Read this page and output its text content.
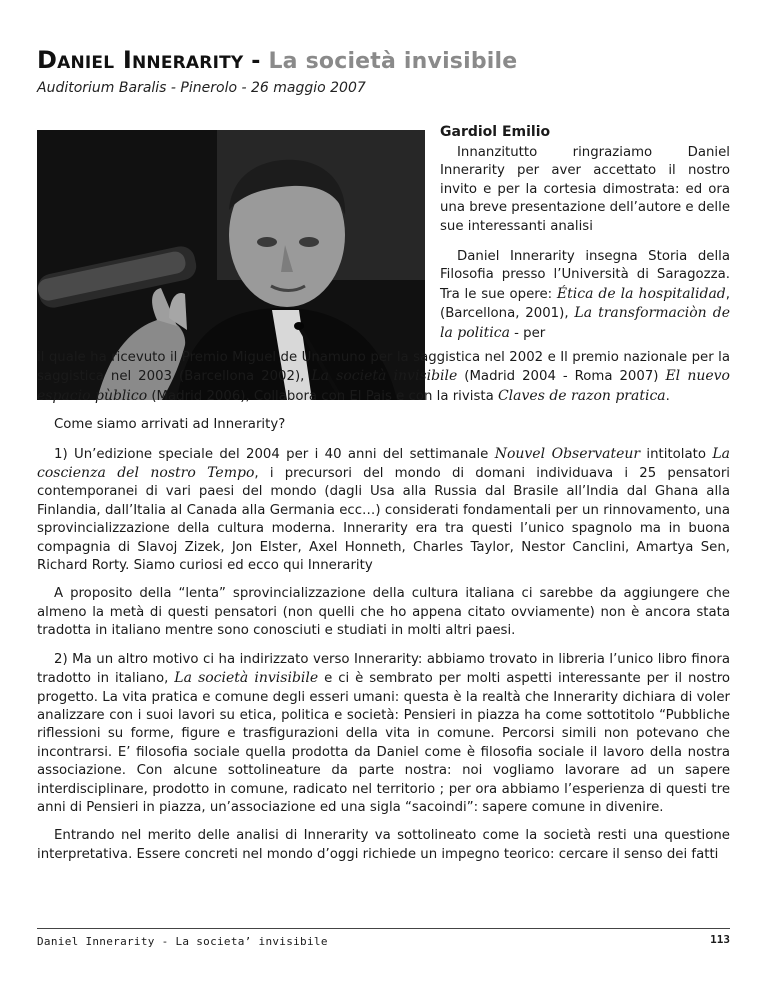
Daniel Innerarity - La società invisibile
Auditorium Baralis - Pinerolo - 26 maggio 2007
Gardiol Emilio

Innanzitutto ringraziamo Daniel Innerarity per aver accettato il nostro invito e per la cortesia dimostrata: ed ora una breve presentazione dell’autore e delle sue interessanti analisi

Daniel Innerarity insegna Storia della Filosofia presso l’Università di Saragozza. Tra le sue opere: Ética de la hospitalidad, (Barcellona, 2001), La transformaciòn de la politica - per

il quale ha ricevuto il Premio Miguel de Unamuno per la saggistica nel 2002 e Il premio nazionale per la saggistica nel 2003 (Barcellona 2002), La società invisibile (Madrid 2004 - Roma 2007) El nuevo espacio pùblico (Madrid 2006), Collabora con El Pais e con la rivista Claves de razon pratica.

Come siamo arrivati ad Innerarity?

1) Un’edizione speciale del 2004 per i 40 anni del settimanale Nouvel Observateur intitolato La coscienza del nostro Tempo, i precursori del mondo di domani individuava i 25 pensatori contemporanei di vari paesi del mondo (dagli Usa alla Russia dal Brasile all’India dal Ghana alla Finlandia, dall’Italia al Canada alla Germania ecc…) considerati fondamentali per un rinnovamento, una sprovincializzazione della cultura moderna. Innerarity era tra questi l’unico spagnolo ma in buona compagnia di Slavoj Zizek, Jon Elster, Axel Honneth, Charles Taylor, Nestor Canclini, Amartya Sen, Richard Rorty. Siamo curiosi ed ecco qui Innerarity

A proposito della “lenta” sprovincializzazione della cultura italiana ci sarebbe da aggiungere che almeno la metà di questi pensatori (non quelli che ho appena citato ovviamente) non è ancora stata tradotta in italiano mentre sono conosciuti e studiati in molti altri paesi.

2) Ma un altro motivo ci ha indirizzato verso Innerarity: abbiamo trovato in libreria l’unico libro finora tradotto in italiano, La società invisibile e ci è sembrato per molti aspetti interessante per il nostro progetto. La vita pratica e comune degli esseri umani: questa è la realtà che Innerarity dichiara di voler analizzare con i suoi lavori su etica, politica e società: Pensieri in piazza ha come sottotitolo “Pubbliche riflessioni su forme, figure e trasfigurazioni della vita in comune. Percorsi simili non potevano che incontrarsi. E’ filosofia sociale quella prodotta da Daniel come è filosofia sociale il lavoro della nostra associazione. Con alcune sottolineature da parte nostra: noi vogliamo lavorare ad un sapere interdisciplinare, prodotto in comune, radicato nel territorio ; per ora abbiamo l’esperienza di questi tre anni di Pensieri in piazza, un’associazione ed una sigla “sacoindi”: sapere comune in divenire.

Entrando nel merito delle analisi di Innerarity va sottolineato come la società resti una questione interpretativa. Essere concreti nel mondo d’oggi richiede un impegno teorico: cercare il senso dei fatti

Daniel Innerarity - La societa’ invisibile	113
